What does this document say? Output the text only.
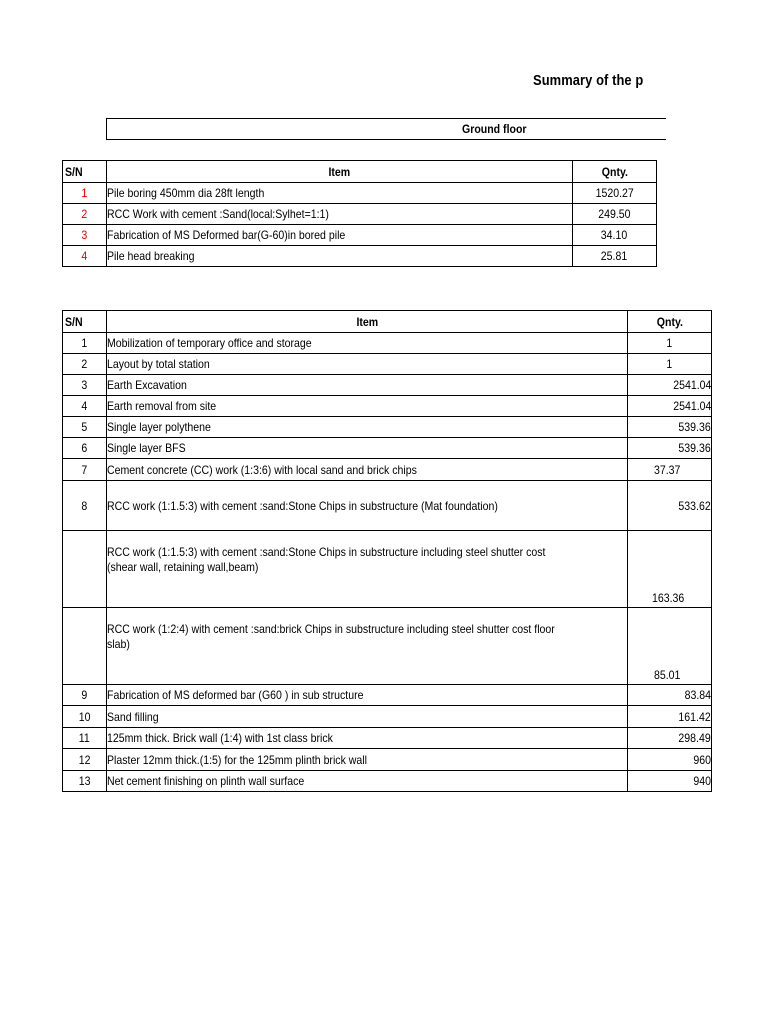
Summary of the p
Ground floor
S/N	Item	Qnty.
1	Pile boring 450mm dia 28ft length	1520.27
2	RCC Work with cement :Sand(local:Sylhet=1:1)	249.50
3	Fabrication of MS Deformed bar(G-60)in bored pile	34.10
4	Pile head breaking	25.81
S/N	Item	Qnty.
1	Mobilization of temporary office and storage	1
2	Layout by total station	1
3	Earth Excavation	2541.04
4	Earth removal from site	2541.04
5	Single layer polythene	539.36
6	Single layer BFS	539.36
7	Cement concrete (CC) work (1:3:6) with local sand and brick chips	37.37
8	RCC work (1:1.5:3) with cement :sand:Stone Chips in substructure (Mat foundation)	533.62

	RCC work (1:1.5:3) with cement :sand:Stone Chips in substructure including steel shutter cost (shear wall, retaining wall,beam)	163.36

	RCC work (1:2:4) with cement :sand:brick Chips in substructure including steel shutter cost floor slab)	85.01
9	Fabrication of MS deformed bar (G60 ) in sub structure	83.84
10	Sand filling	161.42
11	125mm thick. Brick wall (1:4) with 1st class brick	298.49
12	Plaster 12mm thick.(1:5) for the 125mm plinth brick wall	960
13	Net cement finishing on plinth wall surface	940
